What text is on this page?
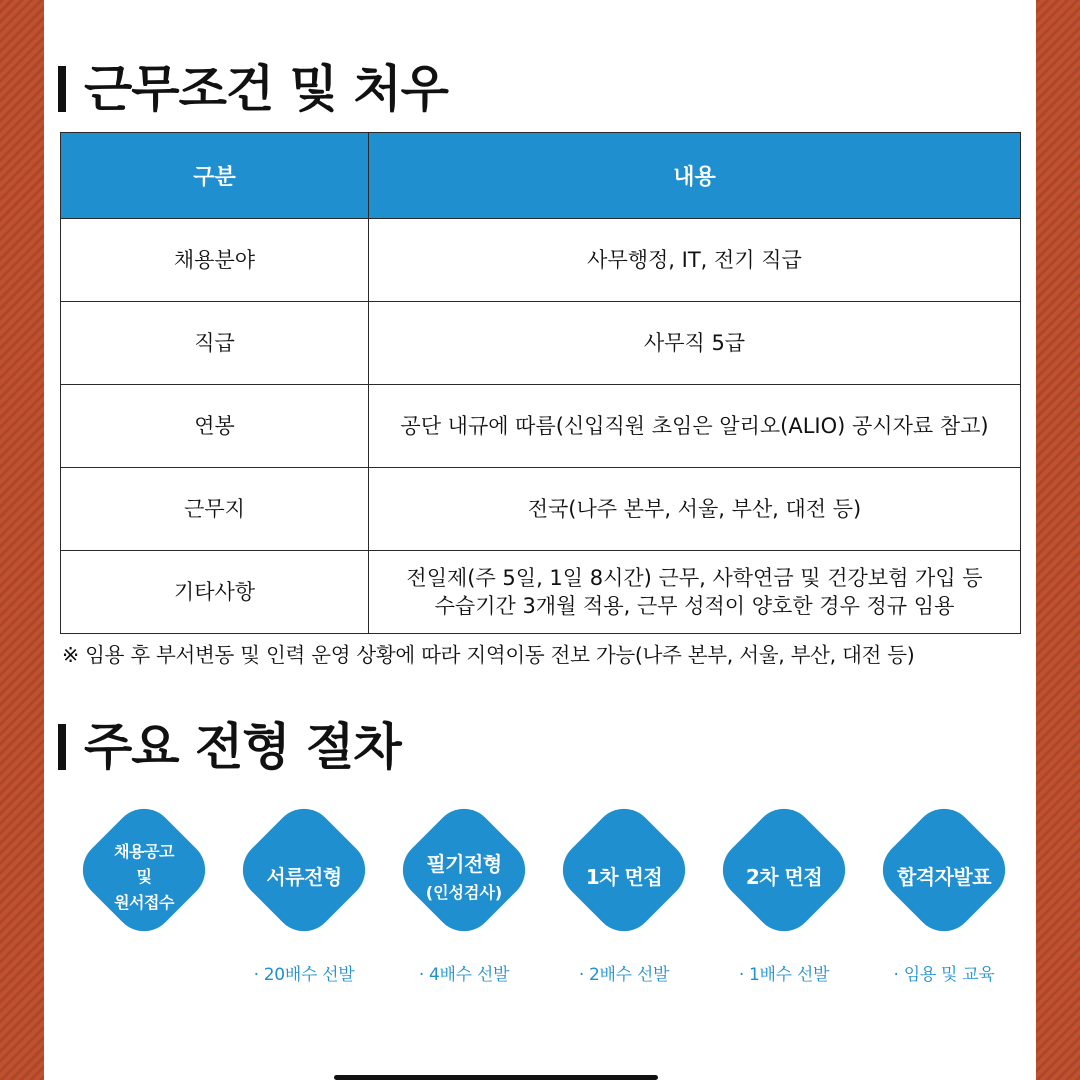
근무조건 및 처우
구분	내용
채용분야	사무행정, IT, 전기 직급

직급	사무직 5급

연봉	공단 내규에 따름(신입직원 초임은 알리오(ALIO) 공시자료 참고)

근무지	전국(나주 본부, 서울, 부산, 대전 등)

기타사항	전일제(주 5일, 1일 8시간) 근무, 사학연금 및 건강보험 가입 등
수습기간 3개월 적용, 근무 성적이 양호한 경우 정규 임용
※ 임용 후 부서변동 및 인력 운영 상황에 따라 지역이동 전보 가능(나주 본부, 서울, 부산, 대전 등)
주요 전형 절차
채용공고
및
원서접수
서류전형
· 20배수 선발
필기전형
(인성검사)
· 4배수 선발
1차 면접
· 2배수 선발
2차 면접
· 1배수 선발
합격자발표
· 임용 및 교육
